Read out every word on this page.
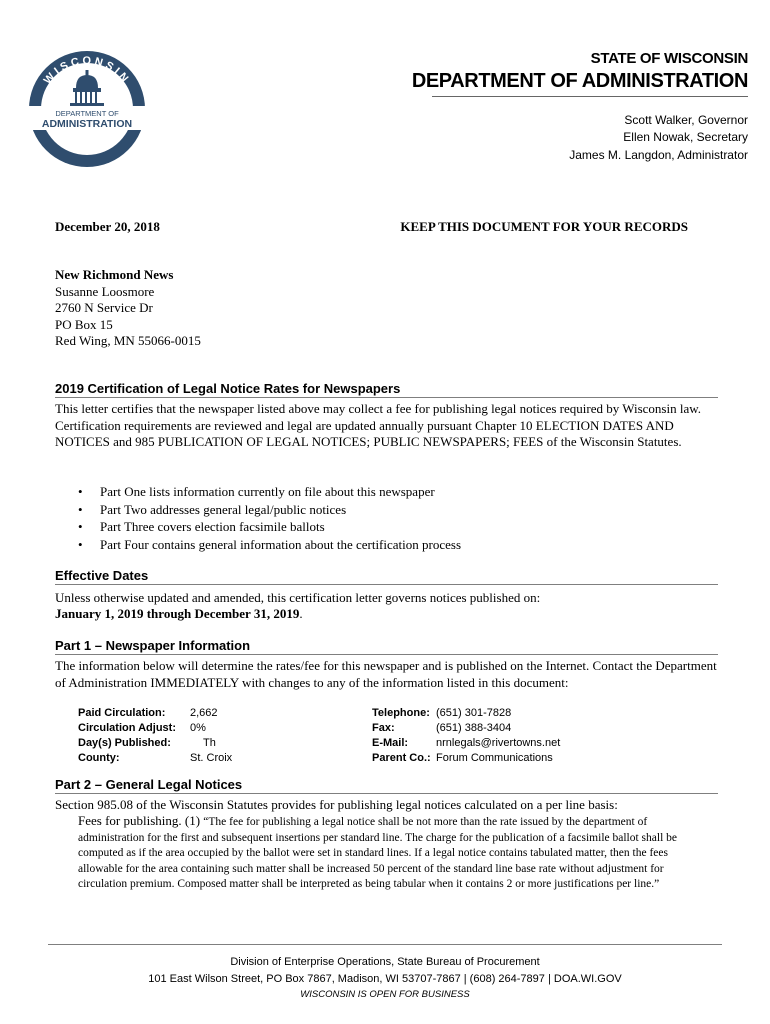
WISCONSIN
DEPARTMENT OF
ADMINISTRATION
DOA.WI.GOV
STATE OF WISCONSIN
DEPARTMENT OF ADMINISTRATION
Scott Walker, Governor
Ellen Nowak, Secretary
James M. Langdon, Administrator
December 20, 2018	KEEP THIS DOCUMENT FOR YOUR RECORDS
New Richmond News
Susanne Loosmore
2760 N Service Dr
PO Box 15
Red Wing, MN 55066-0015
2019 Certification of Legal Notice Rates for Newspapers
This letter certifies that the newspaper listed above may collect a fee for publishing legal notices required by Wisconsin law. Certification requirements are reviewed and legal are updated annually pursuant Chapter 10 ELECTION DATES AND NOTICES and 985 PUBLICATION OF LEGAL NOTICES; PUBLIC NEWSPAPERS; FEES of the Wisconsin Statutes.
• Part One lists information currently on file about this newspaper
• Part Two addresses general legal/public notices
• Part Three covers election facsimile ballots
• Part Four contains general information about the certification process
Effective Dates
Unless otherwise updated and amended, this certification letter governs notices published on:
January 1, 2019 through December 31, 2019.
Part 1 – Newspaper Information
The information below will determine the rates/fee for this newspaper and is published on the Internet. Contact the Department of Administration IMMEDIATELY with changes to any of the information listed in this document:
Paid Circulation: 2,662
Circulation Adjust: 0%
Day(s) Published:	Th
County:	St. Croix
Telephone: (651) 301-7828
Fax:	(651) 388-3404
E-Mail:	nrnlegals@rivertowns.net
Parent Co.: Forum Communications
Part 2 – General Legal Notices
Section 985.08 of the Wisconsin Statutes provides for publishing legal notices calculated on a per line basis:
Fees for publishing. (1) “The fee for publishing a legal notice shall be not more than the rate issued by the department of administration for the first and subsequent insertions per standard line. The charge for the publication of a facsimile ballot shall be computed as if the area occupied by the ballot were set in standard lines. If a legal notice contains tabulated matter, then the fees allowable for the area containing such matter shall be increased 50 percent of the standard line base rate without adjustment for circulation premium. Composed matter shall be interpreted as being tabular when it contains 2 or more justifications per line.”
Division of Enterprise Operations, State Bureau of Procurement
101 East Wilson Street, PO Box 7867, Madison, WI 53707-7867 | (608) 264-7897 | DOA.WI.GOV
WISCONSIN IS OPEN FOR BUSINESS
